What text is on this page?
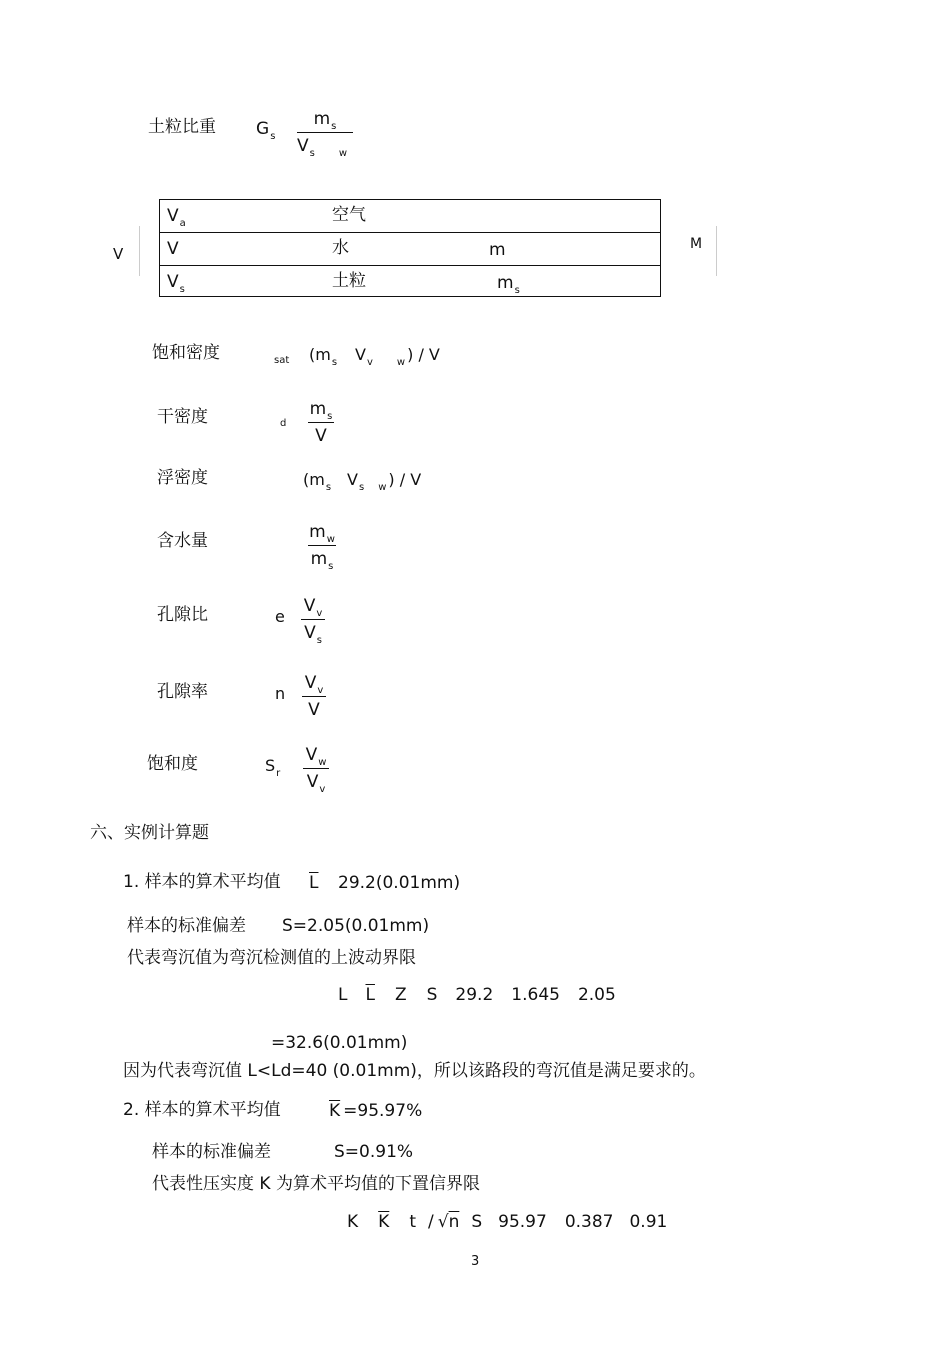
土粒比重 $G_s$
$m_s$
$V_s$ $_w$
V
M
$V_a$	空气
V	水	m
$V_s$	土粒	$m_s$
饱和密度	sat ($m_s$ $V_v$ $_w$ ) / V
干密度	d
$m_s$
V
浮密度	($m_s$ $V_s$ $_w$ ) / V
含水量	$m_w$
$m_s$
孔隙比	e
$V_v$
$V_s$
孔隙率	n
$V_v$
V
饱和度	$S_r$
$V_w$
$V_v$
六、实例计算题
1. 样本的算术平均值 $\overline{L}$ 29.2(0.01mm)
样本的标准偏差 S=2.05(0.01mm)
代表弯沉值为弯沉检测值的上波动界限
L $\overline{L}$ Z S 29.2 1.645 2.05
=32.6(0.01mm)
因为代表弯沉值 L<Ld=40 (0.01mm)，所以该路段的弯沉值是满足要求的。
2. 样本的算术平均值	$\overline{K} =95.97\%$
样本的标准偏差	S=0.91%
代表性压实度 K 为算术平均值的下置信界限
K $\overline{K}$ t / √n S 95.97 0.387 0.91
3
